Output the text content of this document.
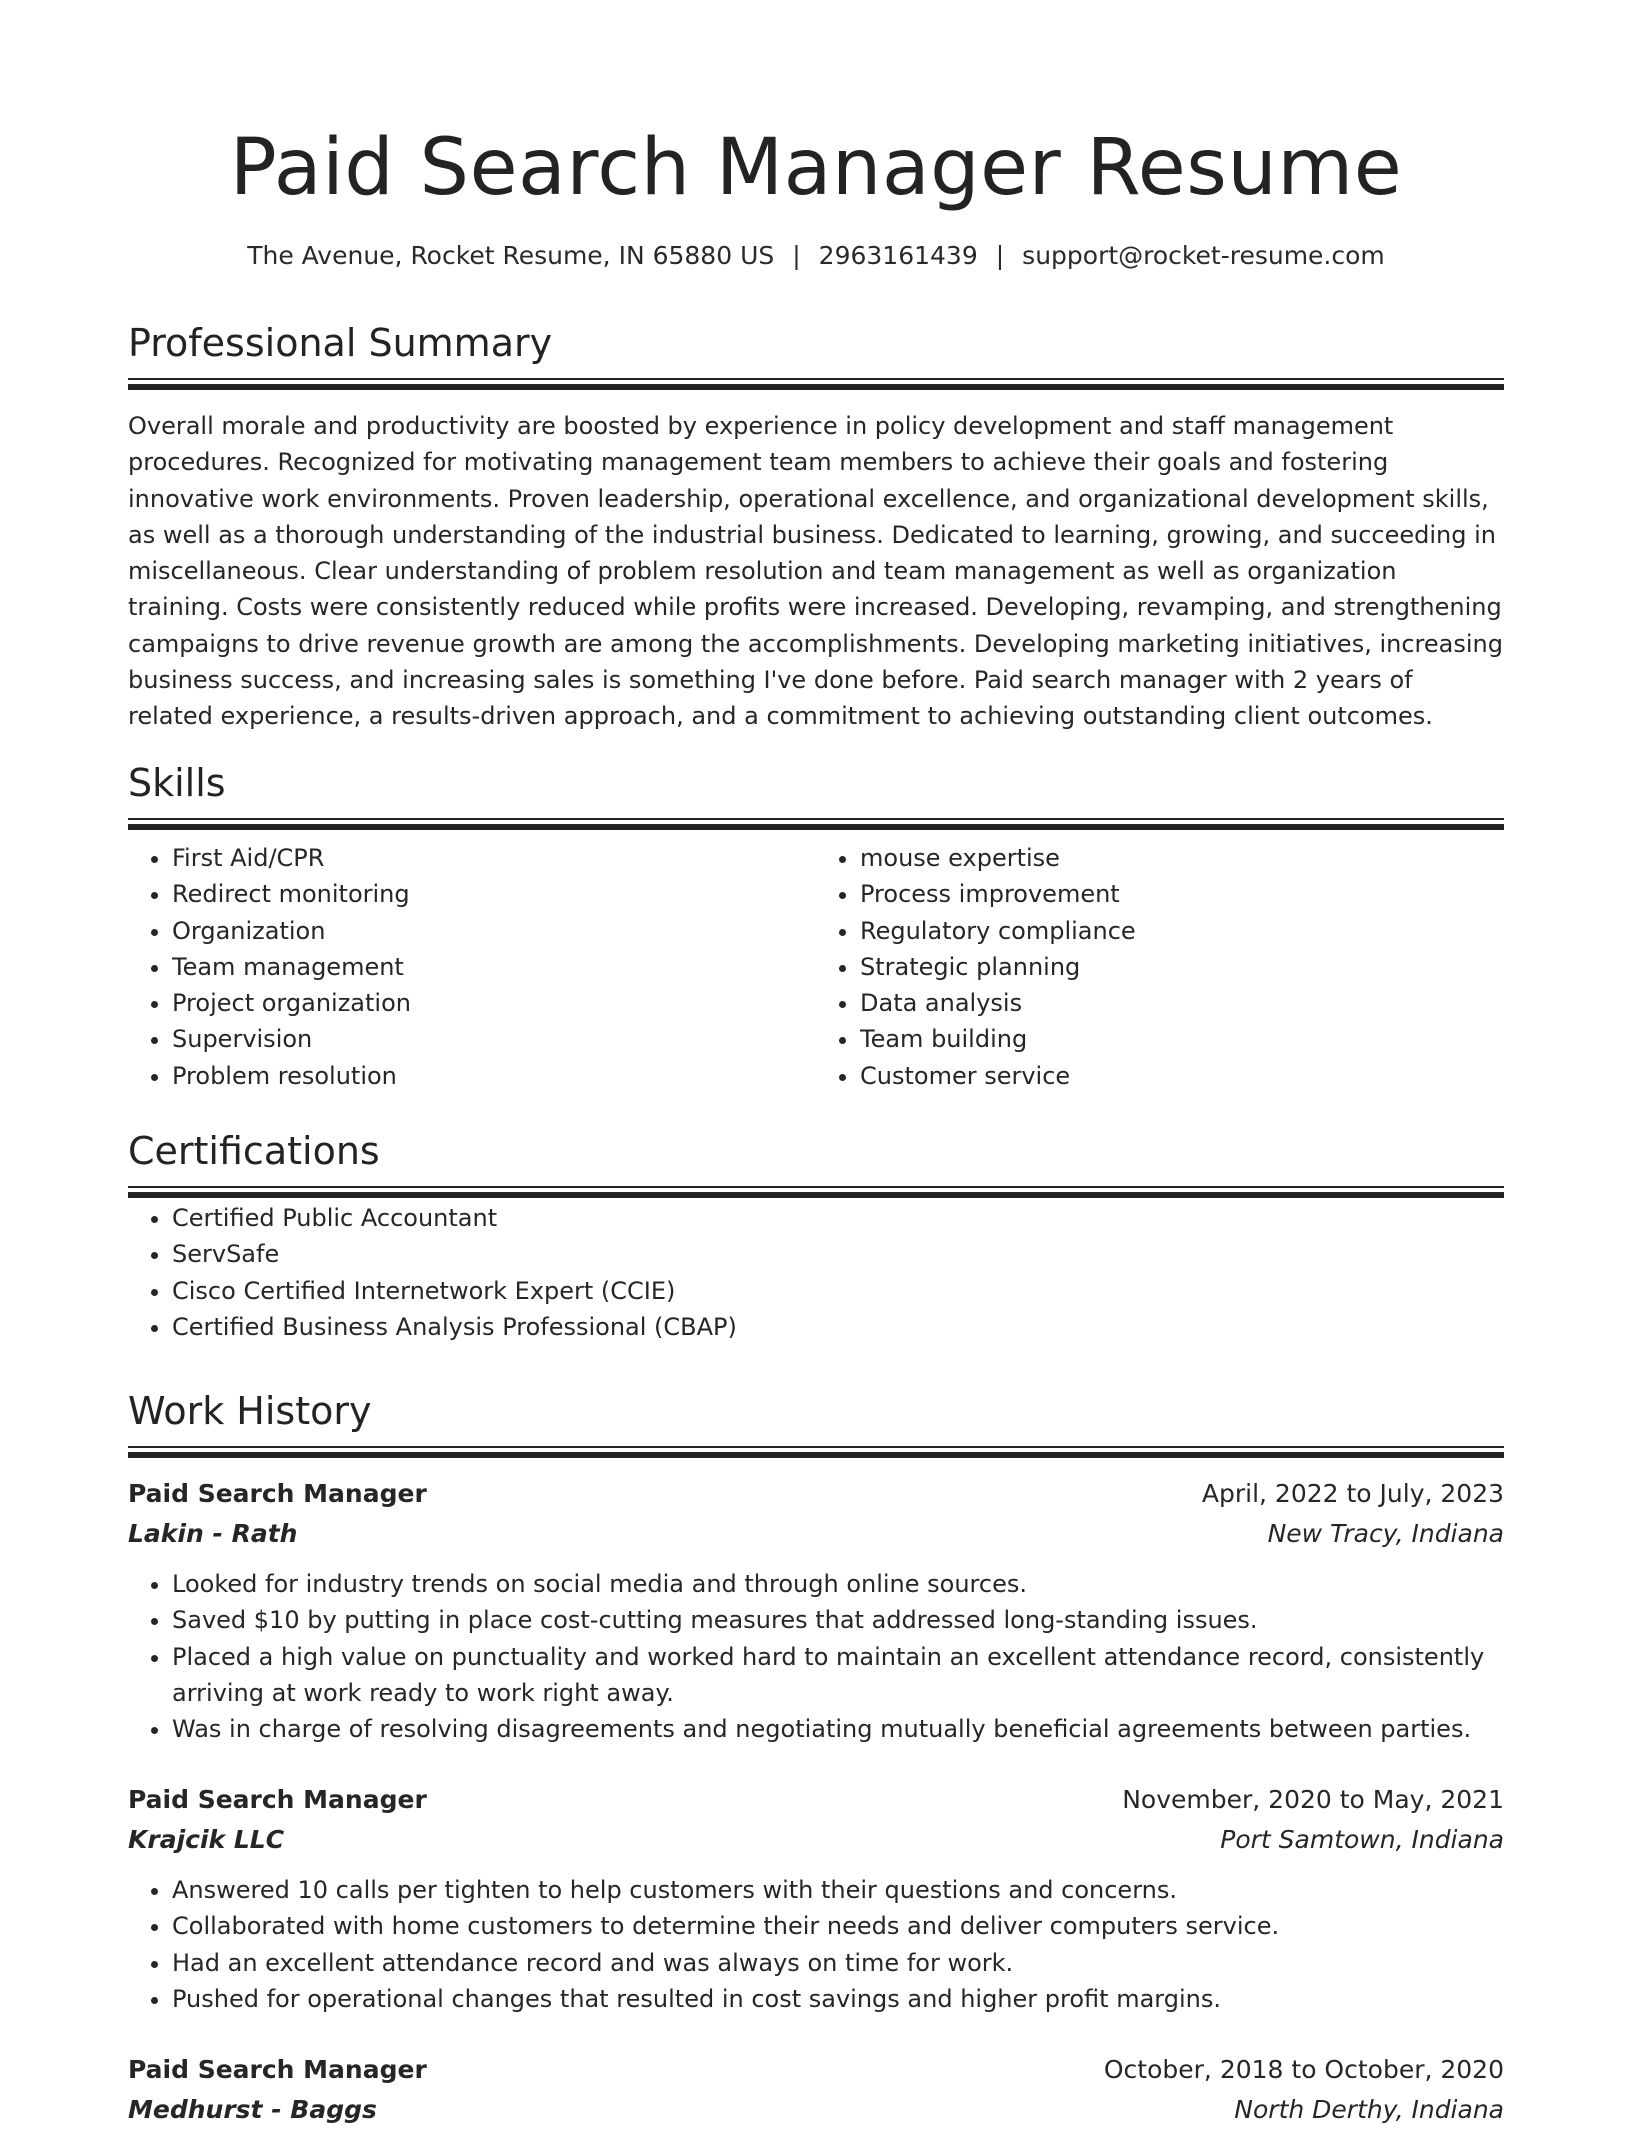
Paid Search Manager Resume
The Avenue, Rocket Resume, IN 65880 US | 2963161439 | support@rocket-resume.com
Professional Summary

Overall morale and productivity are boosted by experience in policy development and staff management procedures. Recognized for motivating management team members to achieve their goals and fostering innovative work environments. Proven leadership, operational excellence, and organizational development skills, as well as a thorough understanding of the industrial business. Dedicated to learning, growing, and succeeding in miscellaneous. Clear understanding of problem resolution and team management as well as organization training. Costs were consistently reduced while profits were increased. Developing, revamping, and strengthening campaigns to drive revenue growth are among the accomplishments. Developing marketing initiatives, increasing business success, and increasing sales is something I've done before. Paid search manager with 2 years of related experience, a results-driven approach, and a commitment to achieving outstanding client outcomes.

Skills
• First Aid/CPR
• Redirect monitoring
• Organization
• Team management
• Project organization
• Supervision
• Problem resolution
• mouse expertise
• Process improvement
• Regulatory compliance
• Strategic planning
• Data analysis
• Team building
• Customer service
Certifications
• Certified Public Accountant
• ServSafe
• Cisco Certified Internetwork Expert (CCIE)
• Certified Business Analysis Professional (CBAP)
Work History
Paid Search Manager	April, 2022 to July, 2023
Lakin - Rath	New Tracy, Indiana
• Looked for industry trends on social media and through online sources.
• Saved $10 by putting in place cost-cutting measures that addressed long-standing issues.
• Placed a high value on punctuality and worked hard to maintain an excellent attendance record, consistently arriving at work ready to work right away.
• Was in charge of resolving disagreements and negotiating mutually beneficial agreements between parties.
Paid Search Manager	November, 2020 to May, 2021
Krajcik LLC	Port Samtown, Indiana
• Answered 10 calls per tighten to help customers with their questions and concerns.
• Collaborated with home customers to determine their needs and deliver computers service.
• Had an excellent attendance record and was always on time for work.
• Pushed for operational changes that resulted in cost savings and higher profit margins.
Paid Search Manager	October, 2018 to October, 2020
Medhurst - Baggs	North Derthy, Indiana
